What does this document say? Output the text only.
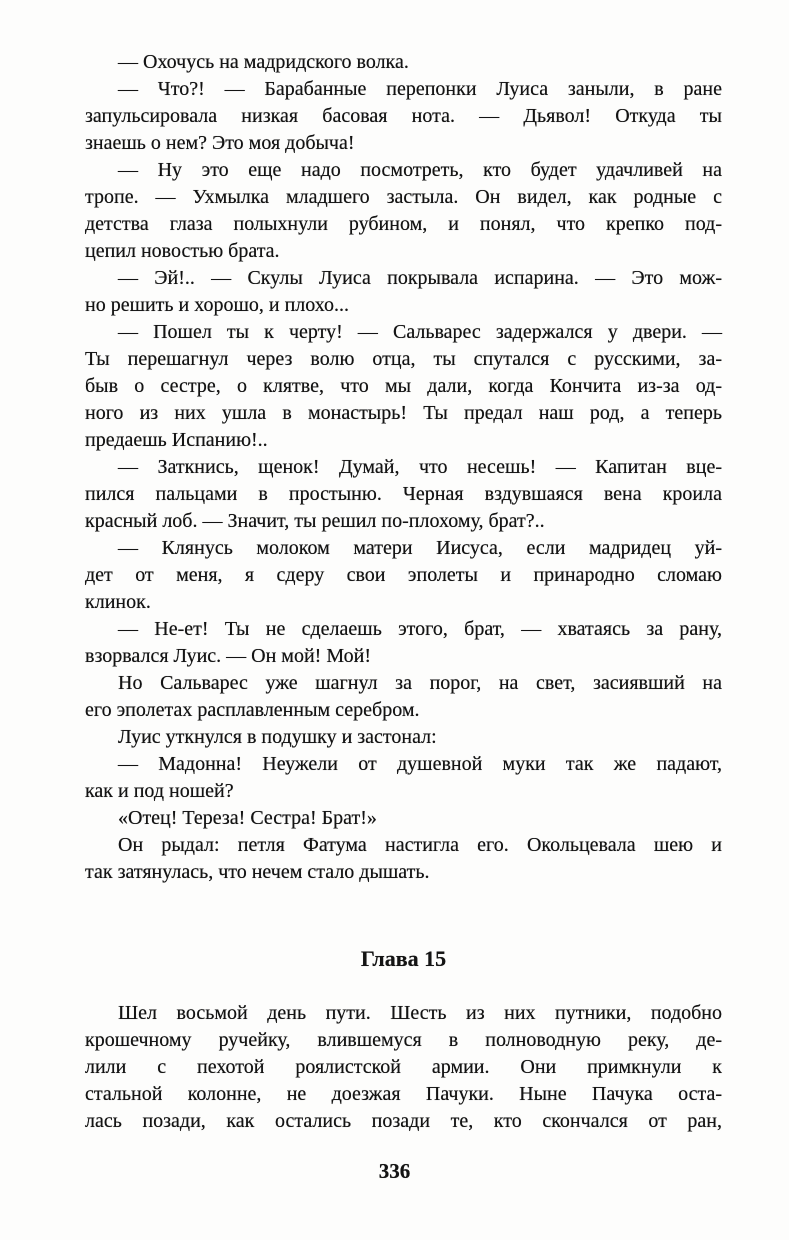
— Охочусь на мадридского волка.
— Что?! — Барабанные перепонки Луиса заныли, в ране
запульсировала низкая басовая нота. — Дьявол! Откуда ты
знаешь о нем? Это моя добыча!
— Ну это еще надо посмотреть, кто будет удачливей на
тропе. — Ухмылка младшего застыла. Он видел, как родные с
детства глаза полыхнули рубином, и понял, что крепко под-
цепил новостью брата.
— Эй!.. — Скулы Луиса покрывала испарина. — Это мож-
но решить и хорошо, и плохо...
— Пошел ты к черту! — Сальварес задержался у двери. —
Ты перешагнул через волю отца, ты спутался с русскими, за-
быв о сестре, о клятве, что мы дали, когда Кончита из-за од-
ного из них ушла в монастырь! Ты предал наш род, а теперь
предаешь Испанию!..
— Заткнись, щенок! Думай, что несешь! — Капитан вце-
пился пальцами в простыню. Черная вздувшаяся вена кроила
красный лоб. — Значит, ты решил по-плохому, брат?..
— Клянусь молоком матери Иисуса, если мадридец уй-
дет от меня, я сдеру свои эполеты и принародно сломаю
клинок.
— Не-ет! Ты не сделаешь этого, брат, — хватаясь за рану,
взорвался Луис. — Он мой! Мой!
Но Сальварес уже шагнул за порог, на свет, засиявший на
его эполетах расплавленным серебром.
Луис уткнулся в подушку и застонал:
— Мадонна! Неужели от душевной муки так же падают,
как и под ношей?
«Отец! Тереза! Сестра! Брат!»
Он рыдал: петля Фатума настигла его. Окольцевала шею и
так затянулась, что нечем стало дышать.
Глава 15
Шел восьмой день пути. Шесть из них путники, подобно
крошечному ручейку, влившемуся в полноводную реку, де-
лили с пехотой роялистской армии. Они примкнули к
стальной колонне, не доезжая Пачуки. Ныне Пачука оста-
лась позади, как остались позади те, кто скончался от ран,
336
